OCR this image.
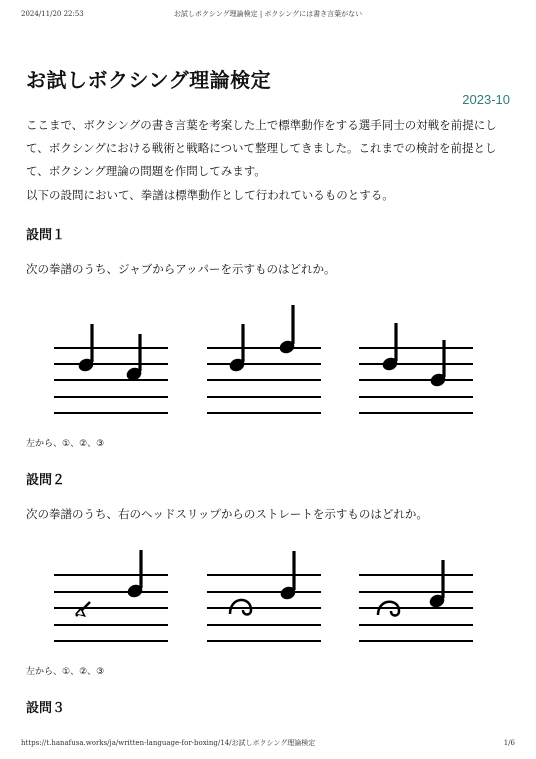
2024/11/20 22:53	お試しボクシング理論検定 | ボクシングには書き言葉がない
お試しボクシング理論検定
2023-10

ここまで、ボクシングの書き言葉を考案した上で標準動作をする選手同士の対戦を前提にして、ボクシングにおける戦術と戦略について整理してきました。これまでの検討を前提として、ボクシング理論の問題を作問してみます。

以下の設問において、拳譜は標準動作として行われているものとする。

設問１

次の拳譜のうち、ジャブからアッパーを示すものはどれか。

左から、①、②、③

設問２

次の拳譜のうち、右のヘッドスリップからのストレートを示すものはどれか。

左から、①、②、③

設問３
https://t.hanafusa.works/ja/written-language-for-boxing/14/お試しボクシング理論検定	1/6
